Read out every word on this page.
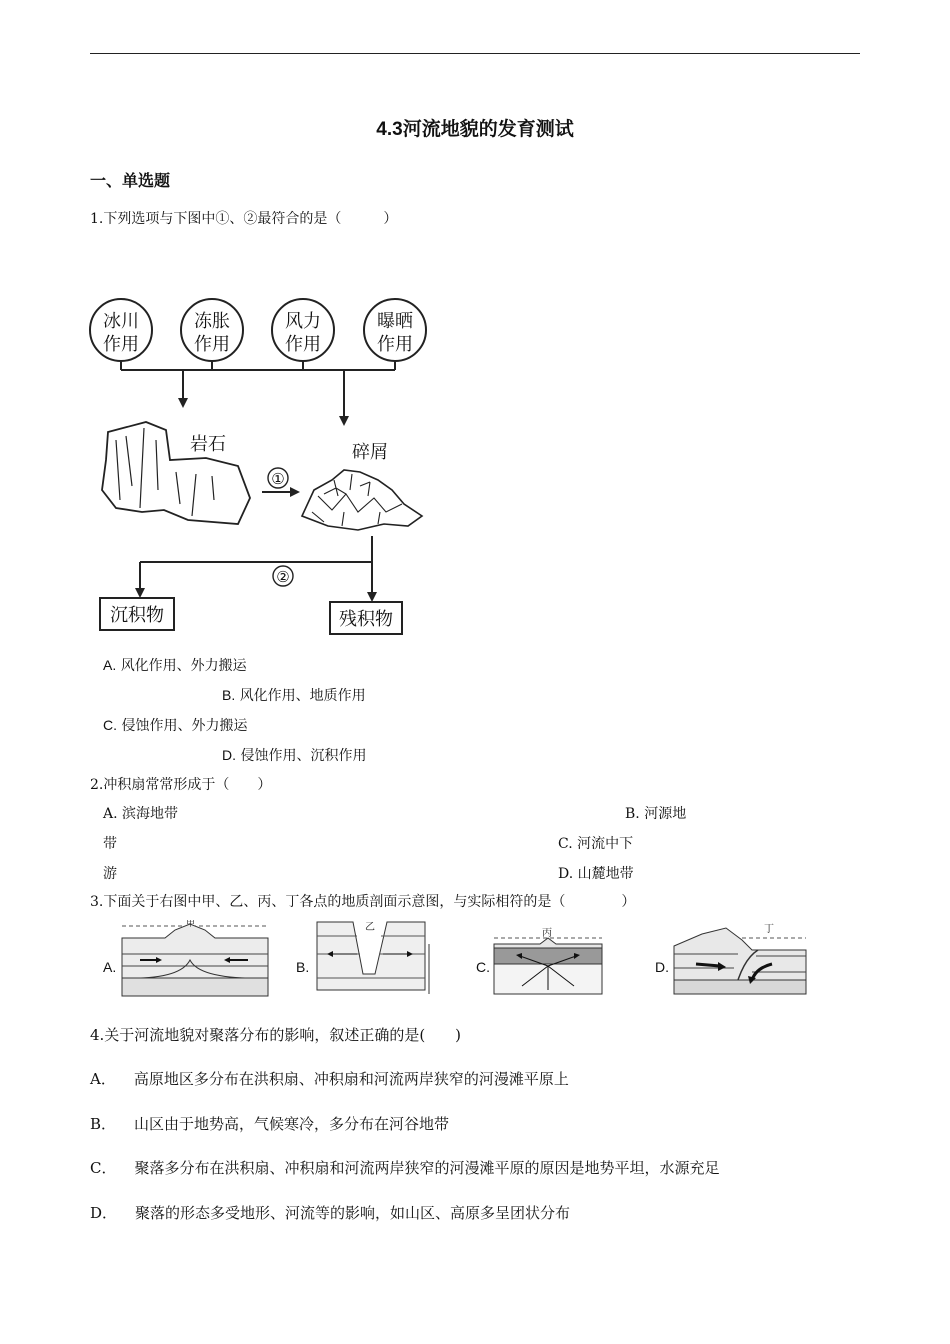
4.3河流地貌的发育测试
一、单选题
1.下列选项与下图中①、②最符合的是（　　　）
冰川
作用
冻胀
作用
风力
作用
曝晒
作用
岩石	碎屑
①
②
沉积物	残积物
A. 风化作用、外力搬运
B. 风化作用、地质作用
C. 侵蚀作用、外力搬运
D. 侵蚀作用、沉积作用
2.冲积扇常常形成于（　　）
A. 滨海地带	B. 河源地
带	C. 河流中下
游	D. 山麓地带
3.下面关于右图中甲、乙、丙、丁各点的地质剖面示意图，与实际相符的是（　　　　）
A.
甲
B.
乙
C.
丙
D.
丁
4.关于河流地貌对聚落分布的影响，叙述正确的是(　　)
A． 高原地区多分布在洪积扇、冲积扇和河流两岸狭窄的河漫滩平原上
B． 山区由于地势高，气候寒冷，多分布在河谷地带
C． 聚落多分布在洪积扇、冲积扇和河流两岸狭窄的河漫滩平原的原因是地势平坦，水源充足
D． 聚落的形态多受地形、河流等的影响，如山区、高原多呈团状分布
